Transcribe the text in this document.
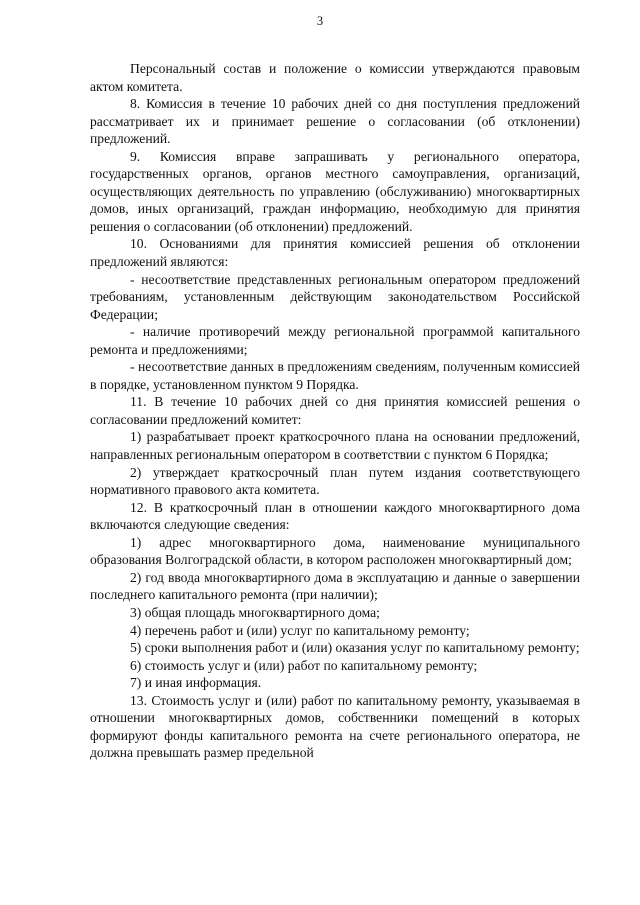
3

Персональный состав и положение о комиссии утверждаются правовым актом комитета.

8. Комиссия в течение 10 рабочих дней со дня поступления предложений рассматривает их и принимает решение о согласовании (об отклонении) предложений.

9. Комиссия вправе запрашивать у регионального оператора, государственных органов, органов местного самоуправления, организаций, осуществляющих деятельность по управлению (обслуживанию) многоквартирных домов, иных организаций, граждан информацию, необходимую для принятия решения о согласовании (об отклонении) предложений.

10. Основаниями для принятия комиссией решения об отклонении предложений являются:

- несоответствие представленных региональным оператором предложений требованиям, установленным действующим законодательством Российской Федерации;

- наличие противоречий между региональной программой капитального ремонта и предложениями;

- несоответствие данных в предложениям сведениям, полученным комиссией в порядке, установленном пунктом 9 Порядка.

11. В течение 10 рабочих дней со дня принятия комиссией решения о согласовании предложений комитет:

1) разрабатывает проект краткосрочного плана на основании предложений, направленных региональным оператором в соответствии с пунктом 6 Порядка;

2) утверждает краткосрочный план путем издания соответствующего нормативного правового акта комитета.

12. В краткосрочный план в отношении каждого многоквартирного дома включаются следующие сведения:

1) адрес многоквартирного дома, наименование муниципального образования Волгоградской области, в котором расположен многоквартирный дом;

2) год ввода многоквартирного дома в эксплуатацию и данные о завершении последнего капитального ремонта (при наличии);

3) общая площадь многоквартирного дома;

4) перечень работ и (или) услуг по капитальному ремонту;

5) сроки выполнения работ и (или) оказания услуг по капитальному ремонту;

6) стоимость услуг и (или) работ по капитальному ремонту;

7) и иная информация.

13. Стоимость услуг и (или) работ по капитальному ремонту, указываемая в отношении многоквартирных домов, собственники помещений в которых формируют фонды капитального ремонта на счете регионального оператора, не должна превышать размер предельной
